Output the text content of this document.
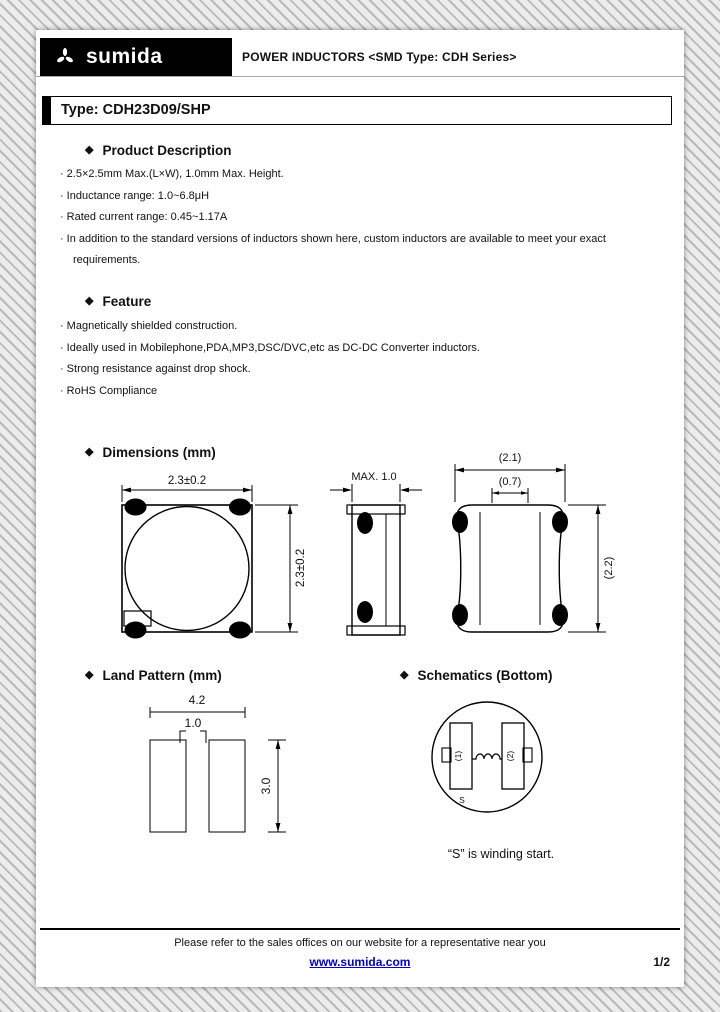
sumida	POWER INDUCTORS <SMD Type: CDH Series>
Type: CDH23D09/SHP
◆ Product Description
· 2.5×2.5mm Max.(L×W), 1.0mm Max. Height.
· Inductance range: 1.0~6.8μH
· Rated current range: 0.45~1.17A
· In addition to the standard versions of inductors shown here, custom inductors are available to meet your exact requirements.
◆ Feature
· Magnetically shielded construction.
· Ideally used in Mobilephone,PDA,MP3,DSC/DVC,etc as DC-DC Converter inductors.
· Strong resistance against drop shock.
· RoHS Compliance
◆ Dimensions (mm)
2.3±0.2
2.3±0.2
MAX. 1.0
(2.1)
(0.7)
(2.2)
◆ Land Pattern (mm)
4.2
1.0
3.0
◆ Schematics (Bottom)
(1)	(2)
S
“S” is winding start.
Please refer to the sales offices on our website for a representative near you
www.sumida.com	1/2
